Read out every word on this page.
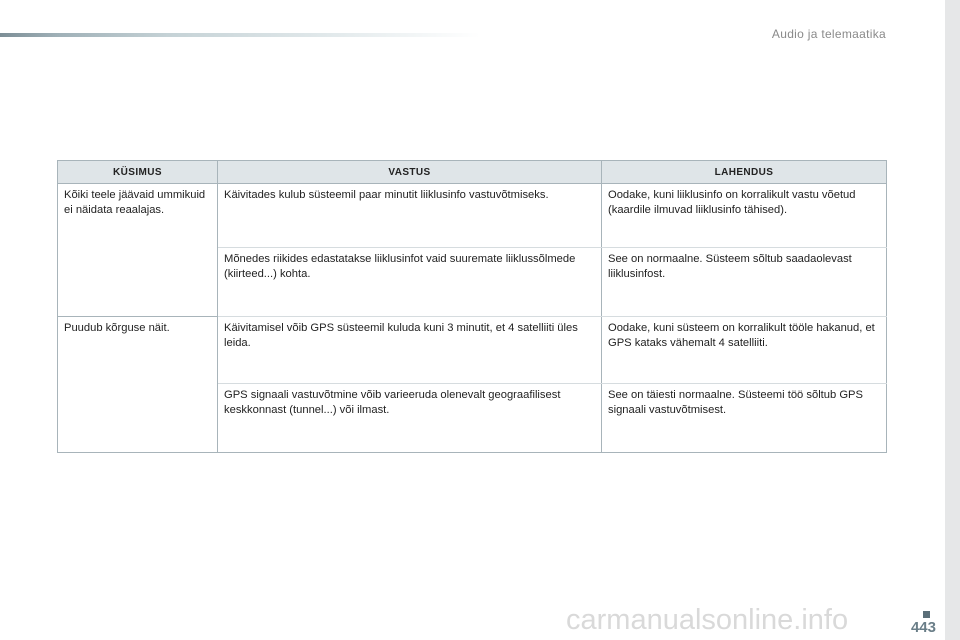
Audio ja telemaatika
KÜSIMUS	VASTUS	LAHENDUS
Kõiki teele jäävaid ummikuid ei näidata reaalajas.	Käivitades kulub süsteemil paar minutit liiklusinfo vastuvõtmiseks.	Oodake, kuni liiklusinfo on korralikult vastu võetud (kaardile ilmuvad liiklusinfo tähised).
	Mõnedes riikides edastatakse liiklusinfot vaid suuremate liiklussõlmede (kiirteed...) kohta.	See on normaalne. Süsteem sõltub saadaolevast liiklusinfost.
Puudub kõrguse näit.	Käivitamisel võib GPS süsteemil kuluda kuni 3 minutit, et 4 satelliiti üles leida.	Oodake, kuni süsteem on korralikult tööle hakanud, et GPS kataks vähemalt 4 satelliiti.
	GPS signaali vastuvõtmine võib varieeruda olenevalt geograafilisest keskkonnast (tunnel...) või ilmast.	See on täiesti normaalne. Süsteemi töö sõltub GPS signaali vastuvõtmisest.
443
carmanualsonline.info
